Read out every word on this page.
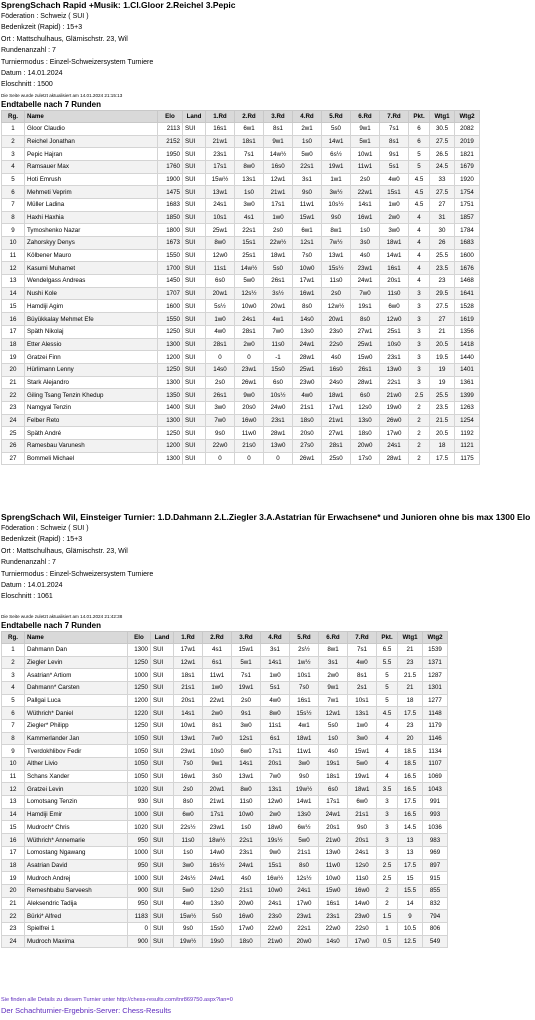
SprengSchach Rapid +Musik: 1.Cl.Gloor 2.Reichel 3.Pepic
Föderation : Schweiz ( SUI )
Bedenkzeit (Rapid) : 15+3
Ort : Mattschulhaus, Glärnischstr. 23, Wil
Rundenanzahl : 7
Turniermodus : Einzel-Schweizersystem Turniere
Datum : 14.01.2024
Eloschnitt : 1500
Die Seite wurde zuletzt aktualisiert am 14.01.2024 21:15:13
Endtabelle nach 7 Runden
Rg.	Name	Elo	Land	1.Rd	2.Rd	3.Rd	4.Rd	5.Rd	6.Rd	7.Rd	Pkt.	Wtg1	Wtg2
1	Gloor Claudio	2113	SUI	16s1	6w1	8s1	2w1	5s0	9w1	7s1	6	30.5	2082
2	Reichel Jonathan	2152	SUI	21w1	18s1	9w1	1s0	14w1	5w1	8s1	6	27.5	2019
3	Pepic Hajran	1950	SUI	23s1	7s1	14w½	5w0	6s½	10w1	9s1	5	26.5	1821
4	Ramsauer Max	1760	SUI	17s1	8w0	16s0	22s1	19w1	11w1	5s1	5	24.5	1679
5	Hoti Emrush	1900	SUI	15w½	13s1	12w1	3s1	1w1	2s0	4w0	4.5	33	1920
6	Mehmeti Veprim	1475	SUI	13w1	1s0	21w1	9s0	3w½	22w1	15s1	4.5	27.5	1754
7	Müller Ladina	1683	SUI	24s1	3w0	17s1	11w1	10s½	14s1	1w0	4.5	27	1751
8	Haxhi Haxhia	1850	SUI	10s1	4s1	1w0	15w1	9s0	16w1	2w0	4	31	1857
9	Tymoshenko Nazar	1800	SUI	25w1	22s1	2s0	6w1	8w1	1s0	3w0	4	30	1784
10	Zahorskyy Denys	1673	SUI	8w0	15s1	22w½	12s1	7w½	3s0	18w1	4	26	1683
11	Kölbener Mauro	1550	SUI	12w0	25s1	18w1	7s0	13w1	4s0	14w1	4	25.5	1600
12	Kasumi Muhamet	1700	SUI	11s1	14w½	5s0	10w0	15s½	23w1	16s1	4	23.5	1676
13	Wendelgass Andreas	1450	SUI	6s0	5w0	26s1	17w1	11s0	24w1	20s1	4	23	1468
14	Nushi Kole	1707	SUI	20w1	12s½	3s½	16w1	2s0	7w0	11s0	3	29.5	1641
15	Hamdiji Agim	1600	SUI	5s½	10w0	20w1	8s0	12w½	19s1	6w0	3	27.5	1528
16	Büyükkalay Mehmet Efe	1550	SUI	1w0	24s1	4w1	14s0	20w1	8s0	12w0	3	27	1619
17	Späth Nikolaj	1250	SUI	4w0	28s1	7w0	13s0	23s0	27w1	25s1	3	21	1356
18	Etter Alessio	1300	SUI	28s1	2w0	11s0	24w1	22s0	25w1	10s0	3	20.5	1418
19	Gratzei Finn	1200	SUI	0	0	-1	28w1	4s0	15w0	23s1	3	19.5	1440
20	Hürlimann Lenny	1250	SUI	14s0	23w1	15s0	25w1	16s0	26s1	13w0	3	19	1401
21	Stark Alejandro	1300	SUI	2s0	26w1	6s0	23w0	24s0	28w1	22s1	3	19	1361
22	Giling Tsang Tenzin Khedup	1350	SUI	26s1	9w0	10s½	4w0	18w1	6s0	21w0	2.5	25.5	1399
23	Namgyal Tenzin	1400	SUI	3w0	20s0	24w0	21s1	17w1	12s0	19w0	2	23.5	1263
24	Felber Reto	1300	SUI	7w0	16w0	23s1	18s0	21w1	13s0	26w0	2	21.5	1254
25	Späth André	1250	SUI	9s0	11w0	28w1	20s0	27w1	18s0	17w0	2	20.5	1192
26	Ramesbau Varunesh	1200	SUI	22w0	21s0	13w0	27s0	28s1	20w0	24s1	2	18	1121
27	Bommeli Michael	1300	SUI	0	0	0	26w1	25s0	17s0	28w1	2	17.5	1175
SprengSchach Wil, Einsteiger Turnier: 1.D.Dahmann 2.L.Ziegler 3.A.Astatrian für Erwachsene* und Junioren ohne bis max 1300 Elo
Föderation : Schweiz ( SUI )
Bedenkzeit (Rapid) : 15+3
Ort : Mattschulhaus, Glärnischstr. 23, Wil
Rundenanzahl : 7
Turniermodus : Einzel-Schweizersystem Turniere
Datum : 14.01.2024
Eloschnitt : 1061
Die Seite wurde zuletzt aktualisiert am 14.01.2024 21:42:38
Endtabelle nach 7 Runden
Rg.	Name	Elo	Land	1.Rd	2.Rd	3.Rd	4.Rd	5.Rd	6.Rd	7.Rd	Pkt.	Wtg1	Wtg2
1	Dahmann Dan	1300	SUI	17w1	4s1	15w1	3s1	2s½	8w1	7s1	6.5	21	1539
2	Ziegler Levin	1250	SUI	12w1	6s1	5w1	14s1	1w½	3s1	4w0	5.5	23	1371
3	Asatrian* Artiom	1000	SUI	18s1	11w1	7s1	1w0	10s1	2w0	8s1	5	21.5	1287
4	Dahmann* Carsten	1250	SUI	21s1	1w0	19w1	5s1	7s0	9w1	2s1	5	21	1301
5	Pallgai Luca	1200	SUI	20s1	22w1	2s0	4w0	16s1	7w1	10s1	5	18	1277
6	Wüthrich* Daniel	1220	SUI	14s1	2w0	9s1	8w0	15s½	12w1	13s1	4.5	17.5	1148
7	Ziegler* Philipp	1250	SUI	10w1	8s1	3w0	11s1	4w1	5s0	1w0	4	23	1179
8	Kammerlander Jan	1050	SUI	13w1	7w0	12s1	6s1	18w1	1s0	3w0	4	20	1146
9	Tverdokhlibov Fedir	1050	SUI	23w1	10s0	6w0	17s1	11w1	4s0	15w1	4	18.5	1134
10	Alther Livio	1050	SUI	7s0	9w1	14s1	20s1	3w0	19s1	5w0	4	18.5	1107
11	Schans Xander	1050	SUI	16w1	3s0	13w1	7w0	9s0	18s1	19w1	4	16.5	1069
12	Gratzei Levin	1020	SUI	2s0	20w1	8w0	13s1	19w½	6s0	18w1	3.5	16.5	1043
13	Lomotsang Tenzin	930	SUI	8s0	21w1	11s0	12w0	14w1	17s1	6w0	3	17.5	991
14	Hamdiji Emir	1000	SUI	6w0	17s1	10w0	2w0	13s0	24w1	21s1	3	16.5	993
15	Mudroch* Chris	1020	SUI	22s½	23w1	1s0	18w0	6w½	20s1	9s0	3	14.5	1036
16	Wüthrich* Annemarie	950	SUI	11s0	18w½	22s1	19s½	5w0	21w0	20s1	3	13	983
17	Lomostang Ngawang	1000	SUI	1s0	14w0	23s1	9w0	21s1	13w0	24s1	3	13	969
18	Asatrian David	950	SUI	3w0	16s½	24w1	15s1	8s0	11w0	12s0	2.5	17.5	897
19	Mudroch Andrej	1000	SUI	24s½	24w1	4s0	16w½	12s½	10w0	11s0	2.5	15	915
20	Remeshbabu Sarveesh	900	SUI	5w0	12s0	21s1	10w0	24s1	15w0	16w0	2	15.5	855
21	Aleksendric Tadija	950	SUI	4w0	13s0	20w0	24s1	17w0	16s1	14w0	2	14	832
22	Bürki* Alfred	1183	SUI	15w½	5s0	16w0	23s0	23w1	23s1	23w0	1.5	9	794
23	Spielfrei 1	0	SUI	9s0	15s0	17w0	22w0	22s1	22w0	22s0	1	10.5	806
24	Mudroch Maxima	900	SUI	19w½	19s0	18s0	21w0	20w0	14s0	17w0	0.5	12.5	549
Sie finden alle Details zu diesem Turnier unter http://chess-results.com/tnr869750.aspx?lan=0
Der Schachturnier-Ergebnis-Server: Chess-Results
